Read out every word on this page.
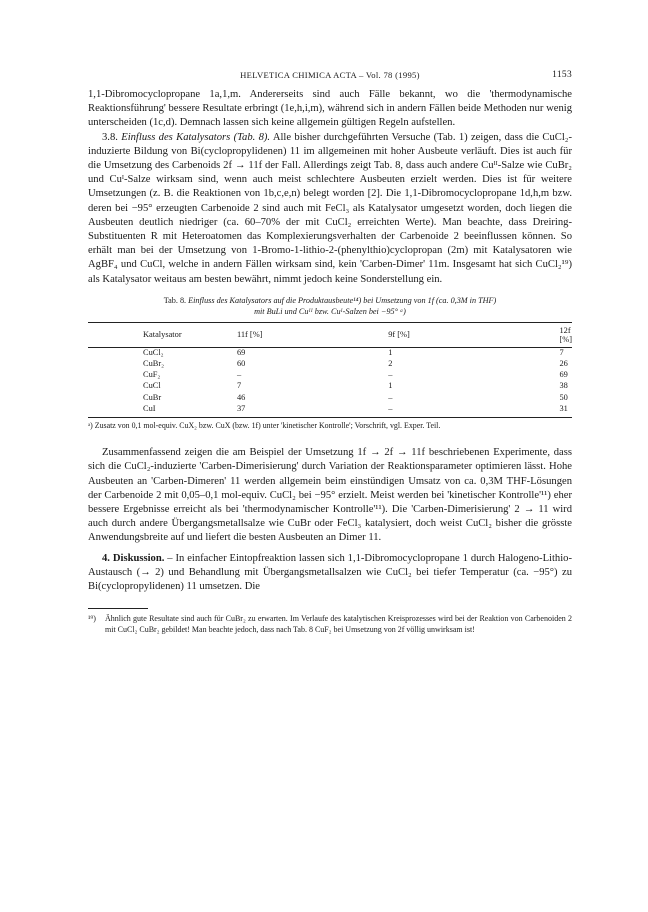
HELVETICA CHIMICA ACTA – Vol. 78 (1995)	1153

1,1-Dibromocyclopropane 1a,1,m. Andererseits sind auch Fälle bekannt, wo die 'thermodynamische Reaktionsführung' bessere Resultate erbringt (1e,h,i,m), während sich in andern Fällen beide Methoden nur wenig unterscheiden (1c,d). Demnach lassen sich keine allgemein gültigen Regeln aufstellen.

3.8. Einfluss des Katalysators (Tab. 8). Alle bisher durchgeführten Versuche (Tab. 1) zeigen, dass die CuCl₂-induzierte Bildung von Bi(cyclopropylidenen) 11 im allgemeinen mit hoher Ausbeute verläuft. Dies ist auch für die Umsetzung des Carbenoids 2f → 11f der Fall. Allerdings zeigt Tab. 8, dass auch andere Cuᴵᴵ-Salze wie CuBr₂ und Cuᴵ-Salze wirksam sind, wenn auch meist schlechtere Ausbeuten erzielt werden. Dies ist für weitere Umsetzungen (z. B. die Reaktionen von 1b,c,e,n) belegt worden [2]. Die 1,1-Dibromocyclopropane 1d,h,m bzw. deren bei −95° erzeugten Carbenoide 2 sind auch mit FeCl₃ als Katalysator umgesetzt worden, doch liegen die Ausbeuten deutlich niedriger (ca. 60–70% der mit CuCl₂ erreichten Werte). Man beachte, dass Dreiring-Substituenten R mit Heteroatomen das Komplexierungsverhalten der Carbenoide 2 beeinflussen können. So erhält man bei der Umsetzung von 1-Bromo-1-lithio-2-(phenylthio)cyclopropan (2m) mit Katalysatoren wie AgBF₄ und CuCl, welche in andern Fällen wirksam sind, kein 'Carben-Dimer' 11m. Insgesamt hat sich CuCl₂¹⁹) als Katalysator weitaus am besten bewährt, nimmt jedoch keine Sonderstellung ein.

Tab. 8. Einfluss des Katalysators auf die Produktausbeute¹⁴) bei Umsetzung von 1f (ca. 0,3M in THF)
mit BuLi und Cuᴵᴵ bzw. Cuᴵ-Salzen bei −95° ᵃ)
Katalysator	11f [%]	9f [%]	12f [%]
CuCl₂	69	1	7
CuBr₂	60	2	26
CuF₂	–	–	69
CuCl	7	1	38
CuBr	46	–	50
CuI	37	–	31
ᵃ) Zusatz von 0,1 mol-equiv. CuX₂ bzw. CuX (bzw. 1f) unter 'kinetischer Kontrolle'; Vorschrift, vgl. Exper. Teil.

Zusammenfassend zeigen die am Beispiel der Umsetzung 1f → 2f → 11f beschriebenen Experimente, dass sich die CuCl₂-induzierte 'Carben-Dimerisierung' durch Variation der Reaktionsparameter optimieren lässt. Hohe Ausbeuten an 'Carben-Dimeren' 11 werden allgemein beim einstündigen Umsatz von ca. 0,3M THF-Lösungen der Carbenoide 2 mit 0,05–0,1 mol-equiv. CuCl₂ bei −95° erzielt. Meist werden bei 'kinetischer Kontrolle'¹¹) eher bessere Ergebnisse erreicht als bei 'thermodynamischer Kontrolle'¹¹). Die 'Carben-Dimerisierung' 2 → 11 wird auch durch andere Übergangsmetallsalze wie CuBr oder FeCl₃ katalysiert, doch weist CuCl₂ bisher die grösste Anwendungsbreite auf und liefert die besten Ausbeuten an Dimer 11.

4. Diskussion. – In einfacher Eintopfreaktion lassen sich 1,1-Dibromocyclopropane 1 durch Halogeno-Lithio-Austausch (→ 2) und Behandlung mit Übergangsmetallsalzen wie CuCl₂ bei tiefer Temperatur (ca. −95°) zu Bi(cyclopropylidenen) 11 umsetzen. Die

¹⁹) Ähnlich gute Resultate sind auch für CuBr₂ zu erwarten. Im Verlaufe des katalytischen Kreisprozesses wird bei der Reaktion von Carbenoiden 2 mit CuCl₂ CuBr₂ gebildet! Man beachte jedoch, dass nach Tab. 8 CuF₂ bei Umsetzung von 2f völlig unwirksam ist!
